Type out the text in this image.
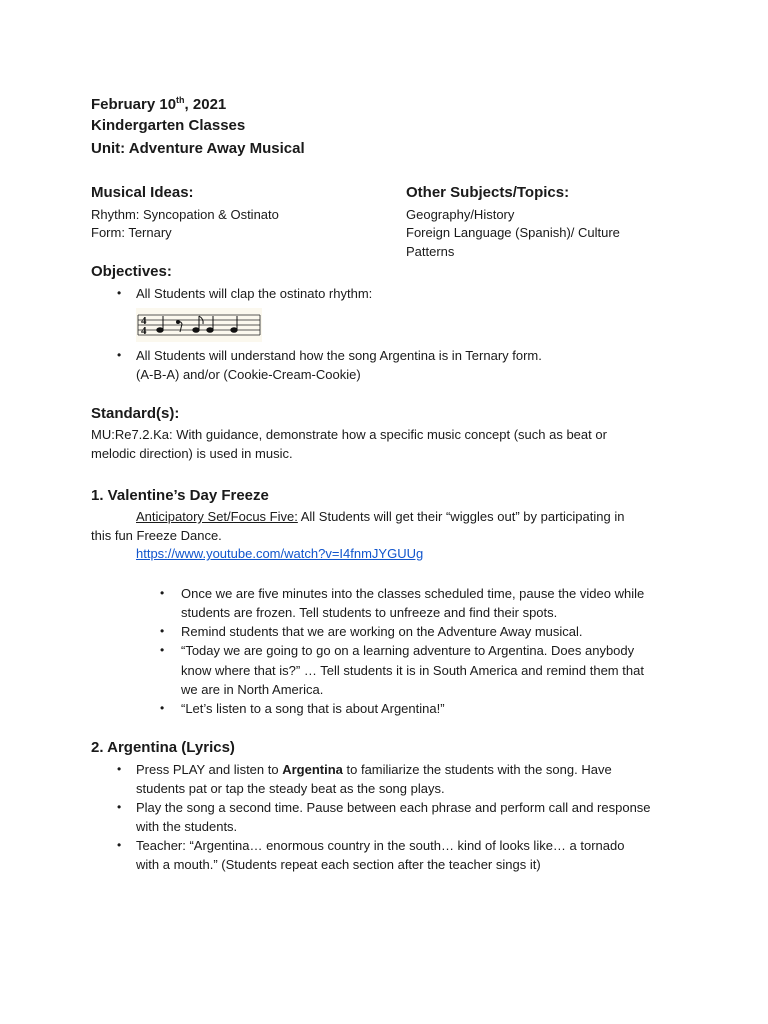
February 10th, 2021
Kindergarten Classes
Unit: Adventure Away Musical
Musical Ideas:
Rhythm: Syncopation & Ostinato
Form: Ternary
Other Subjects/Topics:
Geography/History
Foreign Language (Spanish)/ Culture
Patterns
Objectives:
• All Students will clap the ostinato rhythm:
4
4
• All Students will understand how the song Argentina is in Ternary form.
(A-B-A) and/or (Cookie-Cream-Cookie)
Standard(s):
MU:Re7.2.Ka: With guidance, demonstrate how a specific music concept (such as beat or
melodic direction) is used in music.
1. Valentine’s Day Freeze
Anticipatory Set/Focus Five: All Students will get their “wiggles out” by participating in
this fun Freeze Dance.
https://www.youtube.com/watch?v=I4fnmJYGUUg
• Once we are five minutes into the classes scheduled time, pause the video while
students are frozen. Tell students to unfreeze and find their spots.
• Remind students that we are working on the Adventure Away musical.
• “Today we are going to go on a learning adventure to Argentina. Does anybody
know where that is?” … Tell students it is in South America and remind them that
we are in North America.
• “Let’s listen to a song that is about Argentina!”
2. Argentina (Lyrics)
• Press PLAY and listen to Argentina to familiarize the students with the song. Have
students pat or tap the steady beat as the song plays.
• Play the song a second time. Pause between each phrase and perform call and response
with the students.
• Teacher: “Argentina… enormous country in the south… kind of looks like… a tornado
with a mouth.” (Students repeat each section after the teacher sings it)
